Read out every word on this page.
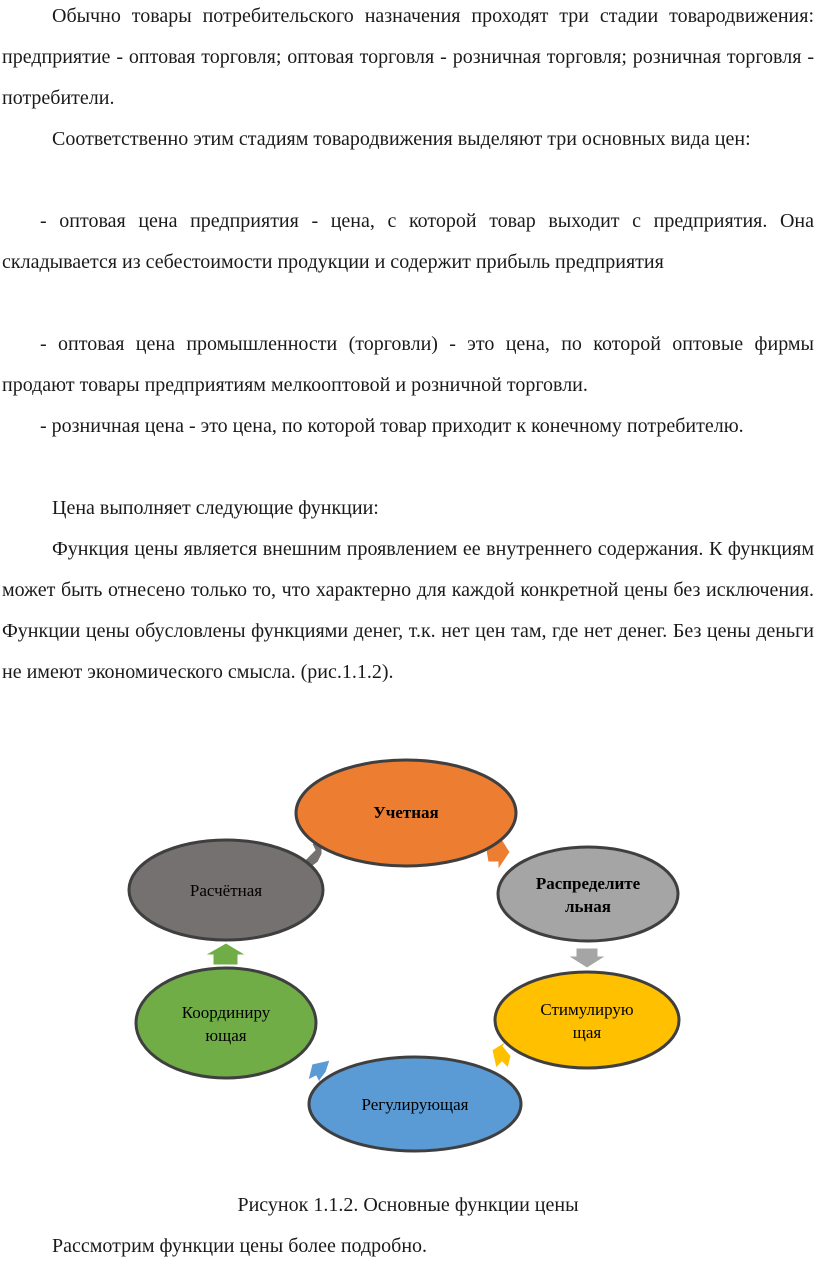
Обычно товары потребительского назначения проходят три стадии товародвижения: предприятие - оптовая торговля; оптовая торговля - розничная торговля; розничная торговля - потребители.

Соответственно этим стадиям товародвижения выделяют три основных вида цен:

- оптовая цена предприятия - цена, с которой товар выходит с предприятия. Она складывается из себестоимости продукции и содержит прибыль предприятия

- оптовая цена промышленности (торговли) - это цена, по которой оптовые фирмы продают товары предприятиям мелкооптовой и розничной торговли.

- розничная цена - это цена, по которой товар приходит к конечному потребителю.

Цена выполняет следующие функции:

Функция цены является внешним проявлением ее внутреннего содержания. К функциям может быть отнесено только то, что характерно для каждой конкретной цены без исключения. Функции цены обусловлены функциями денег, т.к. нет цен там, где нет денег. Без цены деньги не имеют экономического смысла. (рис.1.1.2).

Учетная
Распределите
льная
Стимулирую
щая
Регулирующая
Координиру
ющая
Расчётная

Рисунок 1.1.2. Основные функции цены

Рассмотрим функции цены более подробно.
